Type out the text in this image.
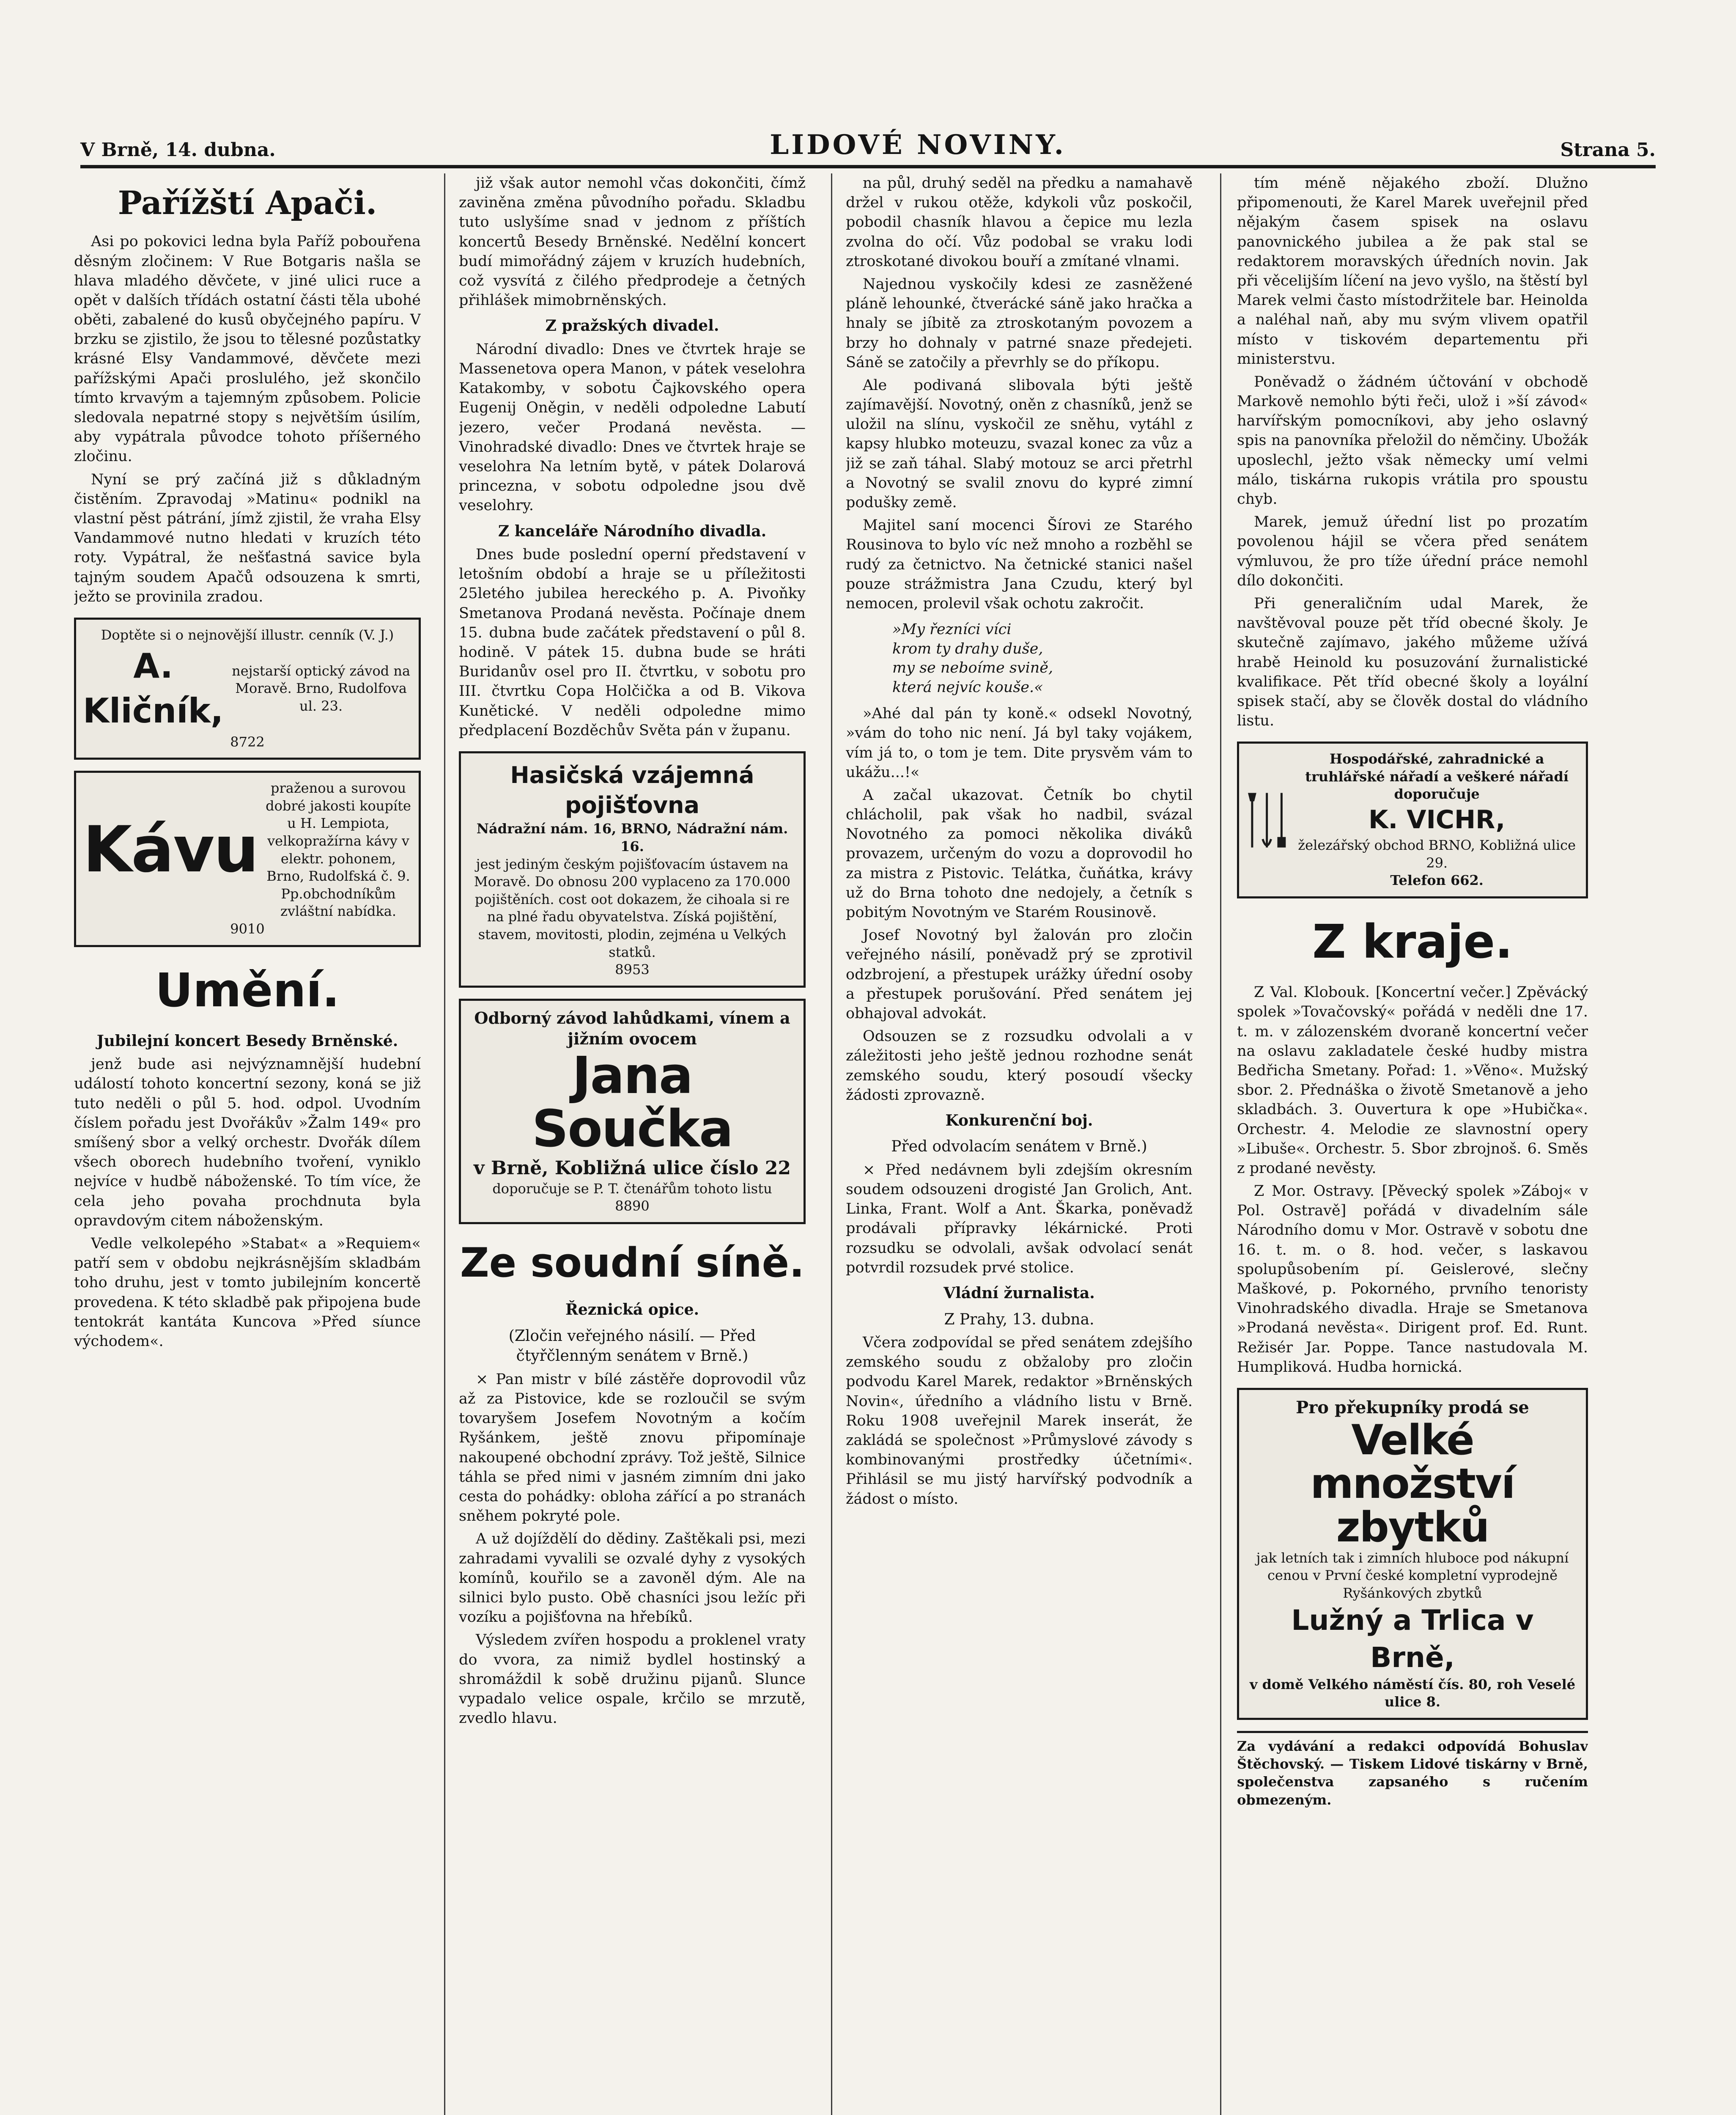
V Brně, 14. dubna.	LIDOVÉ NOVINY.	Strana 5.
Pařížští Apači.

Asi po pokovici ledna byla Paříž pobouřena děsným zločinem: V Rue Botgaris našla se hlava mladého děvčete, v jiné ulici ruce a opět v dalších třídách ostatní části těla ubohé oběti, zabalené do kusů obyčejného papíru. V brzku se zjistilo, že jsou to tělesné pozůstatky krásné Elsy Vandammové, děvčete mezi pařížskými Apači proslulého, jež skončilo tímto krvavým a tajemným způsobem. Policie sledovala nepatrné stopy s největším úsilím, aby vypátrala původce tohoto příšerného zločinu.

Nyní se prý začíná již s důkladným čistěním. Zpravodaj »Matinu« podnikl na vlastní pěst pátrání, jímž zjistil, že vraha Elsy Vandammové nutno hledati v kruzích této roty. Vypátral, že nešťastná savice byla tajným soudem Apačů odsouzena k smrti, ježto se provinila zradou.

Doptěte si o nejnovější illustr. cenník (V. J.)
A. Kličník,
nejstarší optický závod na Moravě. Brno, Rudolfova ul. 23.
8722
Kávu
praženou a surovou dobré jakosti koupíte u H. Lempiota, velkopražírna kávy v elektr. pohonem, Brno, Rudolfská č. 9. Pp.obchodníkům zvláštní nabídka.
9010
Umění.
Jubilejní koncert Besedy Brněnské.

jenž bude asi nejvýznamnější hudební událostí tohoto koncertní sezony, koná se již tuto neděli o půl 5. hod. odpol. Uvodním číslem pořadu jest Dvořákův »Žalm 149« pro smíšený sbor a velký orchestr. Dvořák dílem všech oborech hudebního tvoření, vyniklo nejvíce v hudbě náboženské. To tím více, že cela jeho povaha prochdnuta byla opravdovým citem náboženským.

Vedle velkolepého »Stabat« a »Requiem« patří sem v obdobu nejkrásnějším skladbám toho druhu, jest v tomto jubilejním koncertě provedena. K této skladbě pak připojena bude tentokrát kantáta Kuncova »Před síunce východem«.

již však autor nemohl včas dokončiti, čímž zaviněna změna původního pořadu. Skladbu tuto uslyšíme snad v jednom z příštích koncertů Besedy Brněnské. Nedělní koncert budí mimořádný zájem v kruzích hudebních, což vysvítá z čilého předprodeje a četných přihlášek mimobrněnských.

Z pražských divadel.

Národní divadlo: Dnes ve čtvrtek hraje se Massenetova opera Manon, v pátek veselohra Katakomby, v sobotu Čajkovského opera Eugenij Oněgin, v neděli odpoledne Labutí jezero, večer Prodaná nevěsta. — Vinohradské divadlo: Dnes ve čtvrtek hraje se veselohra Na letním bytě, v pátek Dolarová princezna, v sobotu odpoledne jsou dvě veselohry.

Z kanceláře Národního divadla.

Dnes bude poslední operní představení v letošním období a hraje se u příležitosti 25letého jubilea hereckého p. A. Pivoňky Smetanova Prodaná nevěsta. Počínaje dnem 15. dubna bude začátek představení o půl 8. hodině. V pátek 15. dubna bude se hráti Buridanův osel pro II. čtvrtku, v sobotu pro III. čtvrtku Copa Holčička a od B. Vikova Kunětické. V neděli odpoledne mimo předplacení Bozděchův Světa pán v županu.

Hasičská vzájemná pojišťovna
Nádražní nám. 16, BRNO, Nádražní nám. 16.
jest jediným českým pojišťovacím ústavem na Moravě. Do obnosu 200 vyplaceno za 170.000 pojištěních. cost oot dokazem, že cihoala si re na plné řadu obyvatelstva. Získá pojištění, stavem, movitosti, plodin, zejména u Velkých statků.
8953
Odborný závod lahůdkami, vínem a jižním ovocem
Jana Součka
v Brně, Kobližná ulice číslo 22
doporučuje se P. T. čtenářům tohoto listu
8890
Ze soudní síně.
Řeznická opice.
(Zločin veřejného násilí. — Před čtyřčlenným senátem v Brně.)

× Pan mistr v bílé zástěře doprovodil vůz až za Pistovice, kde se rozloučil se svým tovaryšem Josefem Novotným a kočím Ryšánkem, ještě znovu připomínaje nakoupené obchodní zprávy. Tož ještě, Silnice táhla se před nimi v jasném zimním dni jako cesta do pohádky: obloha zářící a po stranách sněhem pokryté pole.

A už dojíždělí do dědiny. Zaštěkali psi, mezi zahradami vyvalili se ozvalé dyhy z vysokých komínů, kouřilo se a zavoněl dým. Ale na silnici bylo pusto. Obě chasníci jsou ležíc při vozíku a pojišťovna na hřebíků.

Výsledem zvířen hospodu a proklenel vraty do vvora, za nimiž bydlel hostinský a shromáždil k sobě družinu pijanů. Slunce vypadalo velice ospale, krčilo se mrzutě, zvedlo hlavu.

na půl, druhý seděl na předku a namahavě držel v rukou otěže, kdykoli vůz poskočil, pobodil chasník hlavou a čepice mu lezla zvolna do očí. Vůz podobal se vraku lodi ztroskotané divokou bouří a zmítané vlnami.

Najednou vyskočily kdesi ze zasněžené pláně lehounké, čtverácké sáně jako hračka a hnaly se jíbitě za ztroskotaným povozem a brzy ho dohnaly v patrné snaze předejeti. Sáně se zatočily a převrhly se do příkopu.

Ale podivaná slibovala býti ještě zajímavější. Novotný, oněn z chasníků, jenž se uložil na slínu, vyskočil ze sněhu, vytáhl z kapsy hlubko moteuzu, svazal konec za vůz a již se zaň táhal. Slabý motouz se arci přetrhl a Novotný se svalil znovu do kypré zimní podušky země.

Majitel saní mocenci Šírovi ze Starého Rousinova to bylo víc než mnoho a rozběhl se rudý za četnictvo. Na četnické stanici našel pouze strážmistra Jana Czudu, který byl nemocen, prolevil však ochotu zakročit.

»My řezníci víci
krom ty drahy duše,
my se neboíme svině,
která nejvíc kouše.«

»Ahé dal pán ty koně.« odsekl Novotný, »vám do toho nic není. Já byl taky vojákem, vím já to, o tom je tem. Dite prysvěm vám to ukážu...!«

A začal ukazovat. Četník bo chytil chlácholil, pak však ho nadbil, svázal Novotného za pomoci několika diváků provazem, určeným do vozu a doprovodil ho za mistra z Pistovic. Telátka, čuňátka, krávy už do Brna tohoto dne nedojely, a četník s pobitým Novotným ve Starém Rousinově.

Josef Novotný byl žalován pro zločin veřejného násilí, poněvadž prý se zprotivil odzbrojení, a přestupek urážky úřední osoby a přestupek porušování. Před senátem jej obhajoval advokát.

Odsouzen se z rozsudku odvolali a v záležitosti jeho ještě jednou rozhodne senát zemského soudu, který posoudí všecky žádosti zprovazně.

Konkurenční boj.
Před odvolacím senátem v Brně.)

× Před nedávnem byli zdejším okresním soudem odsouzeni drogisté Jan Grolich, Ant. Linka, Frant. Wolf a Ant. Škarka, poněvadž prodávali přípravky lékárnické. Proti rozsudku se odvolali, avšak odvolací senát potvrdil rozsudek prvé stolice.

Vládní žurnalista.
Z Prahy, 13. dubna.

Včera zodpovídal se před senátem zdejšího zemského soudu z obžaloby pro zločin podvodu Karel Marek, redaktor »Brněnských Novin«, úředního a vládního listu v Brně. Roku 1908 uveřejnil Marek inserát, že zakládá se společnost »Průmyslové závody s kombinovanými prostředky účetními«. Přihlásil se mu jistý harvířský podvodník a žádost o místo.

tím méně nějakého zboží. Dlužno připomenouti, že Karel Marek uveřejnil před nějakým časem spisek na oslavu panovnického jubilea a že pak stal se redaktorem moravských úředních novin. Jak při věcelijším líčení na jevo vyšlo, na štěstí byl Marek velmi často místodržitele bar. Heinolda a naléhal naň, aby mu svým vlivem opatřil místo v tiskovém departementu při ministerstvu.

Poněvadž o žádném účtování v obchodě Markově nemohlo býti řeči, ulož i »ší závod« harvířským pomocníkovi, aby jeho oslavný spis na panovníka přeložil do němčiny. Ubožák uposlechl, ježto však německy umí velmi málo, tiskárna rukopis vrátila pro spoustu chyb.

Marek, jemuž úřední list po prozatím povolenou hájil se včera před senátem výmluvou, že pro tíže úřední práce nemohl dílo dokončiti.

Při generaličním udal Marek, že navštěvoval pouze pět tříd obecné školy. Je skutečně zajímavo, jakého můžeme užívá hrabě Heinold ku posuzování žurnalistické kvalifikace. Pět tříd obecné školy a loyální spisek stačí, aby se člověk dostal do vládního listu.

Hospodářské, zahradnické a truhlářské nářadí a veškeré nářadí doporučuje
K. VICHR,
železářský obchod BRNO, Kobližná ulice 29.
Telefon 662.
Z kraje.

Z Val. Klobouk. [Koncertní večer.] Zpěvácký spolek »Tovačovský« pořádá v neděli dne 17. t. m. v zálozenském dvoraně koncertní večer na oslavu zakladatele české hudby mistra Bedřicha Smetany. Pořad: 1. »Věno«. Mužský sbor. 2. Přednáška o životě Smetanově a jeho skladbách. 3. Ouvertura k ope »Hubička«. Orchestr. 4. Melodie ze slavnostní opery »Libuše«. Orchestr. 5. Sbor zbrojnoš. 6. Směs z prodané nevěsty.

Z Mor. Ostravy. [Pěvecký spolek »Záboj« v Pol. Ostravě] pořádá v divadelním sále Národního domu v Mor. Ostravě v sobotu dne 16. t. m. o 8. hod. večer, s laskavou spolupůsobením pí. Geislerové, slečny Maškové, p. Pokorného, prvního tenoristy Vinohradského divadla. Hraje se Smetanova »Prodaná nevěsta«. Dirigent prof. Ed. Runt. Režisér Jar. Poppe. Tance nastudovala M. Humpliková. Hudba hornická.

Pro překupníky prodá se
Velké množství zbytků
jak letních tak i zimních hluboce pod nákupní cenou v První české kompletní vyprodejně Ryšánkových zbytků
Lužný a Trlica v Brně,
v domě Velkého náměstí čís. 80, roh Veselé ulice 8.
Za vydávání a redakci odpovídá Bohuslav Štěchovský. — Tiskem Lidové tiskárny v Brně, společenstva zapsaného s ručením obmezeným.
